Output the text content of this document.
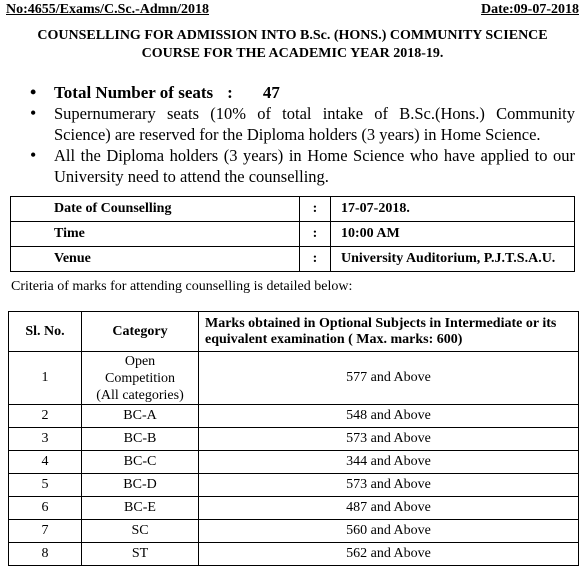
No:4655/Exams/C.Sc.-Admn/2018	Date:09-07-2018
COUNSELLING FOR ADMISSION INTO B.Sc. (HONS.) COMMUNITY SCIENCE
COURSE FOR THE ACADEMIC YEAR 2018-19.
• Total Number of seats : 47
• Supernumerary seats (10% of total intake of B.Sc.(Hons.) Community Science) are reserved for the Diploma holders (3 years) in Home Science.
• All the Diploma holders (3 years) in Home Science who have applied to our University need to attend the counselling.
Date of Counselling	:	17-07-2018.
Time	:	10:00 AM
Venue	:	University Auditorium, P.J.T.S.A.U.
Criteria of marks for attending counselling is detailed below:
Sl. No.	Category	Marks obtained in Optional Subjects in Intermediate or its equivalent examination ( Max. marks: 600)
1	Open
Competition
(All categories)	577 and Above
2	BC-A	548 and Above
3	BC-B	573 and Above
4	BC-C	344 and Above
5	BC-D	573 and Above
6	BC-E	487 and Above
7	SC	560 and Above
8	ST	562 and Above
